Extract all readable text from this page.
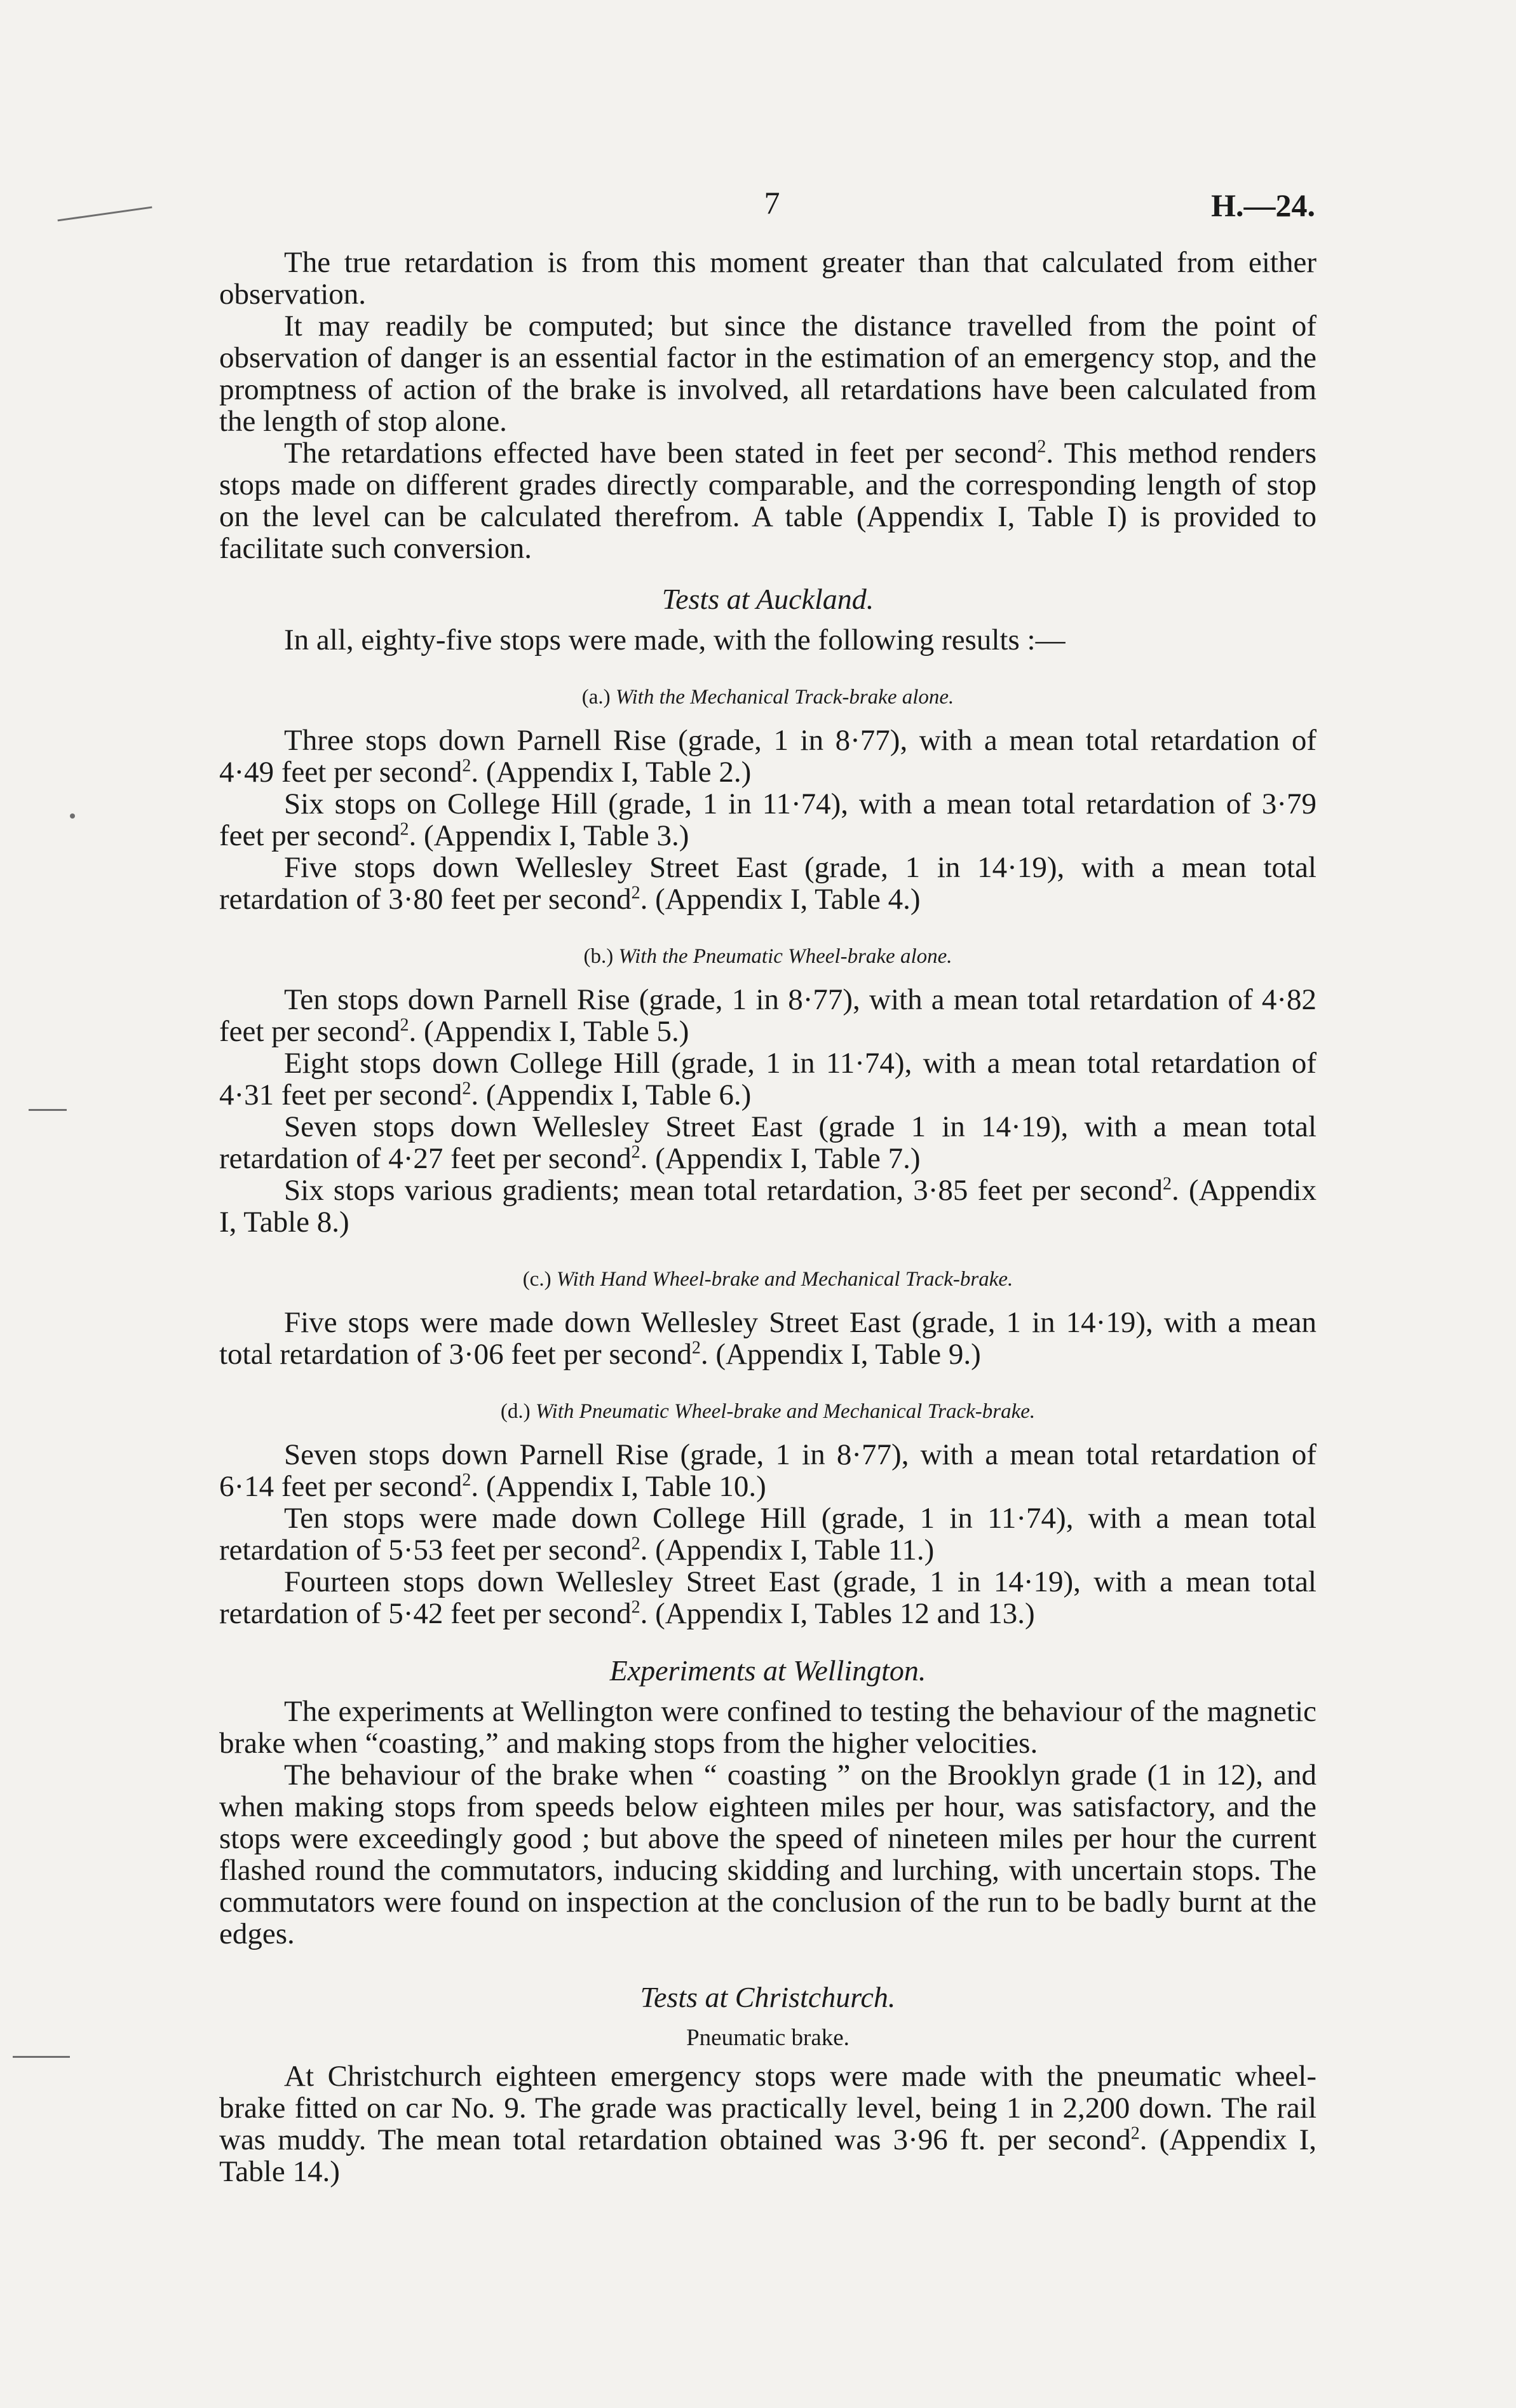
7	H.—24.

The true retardation is from this moment greater than that calculated from either observation.

It may readily be computed; but since the distance travelled from the point of observation of danger is an essential factor in the estimation of an emergency stop, and the promptness of action of the brake is involved, all retardations have been calculated from the length of stop alone.

The retardations effected have been stated in feet per second$^2$. This method renders stops made on different grades directly comparable, and the corresponding length of stop on the level can be calculated therefrom. A table (Appendix I, Table I) is provided to facilitate such conversion.

Tests at Auckland.

In all, eighty-five stops were made, with the following results :—

(a.) With the Mechanical Track-brake alone.

Three stops down Parnell Rise (grade, 1 in 8·77), with a mean total retardation of 4·49 feet per second$^2$. (Appendix I, Table 2.)

Six stops on College Hill (grade, 1 in 11·74), with a mean total retardation of 3·79 feet per second$^2$. (Appendix I, Table 3.)

Five stops down Wellesley Street East (grade, 1 in 14·19), with a mean total retardation of 3·80 feet per second$^2$. (Appendix I, Table 4.)

(b.) With the Pneumatic Wheel-brake alone.

Ten stops down Parnell Rise (grade, 1 in 8·77), with a mean total retardation of 4·82 feet per second$^2$. (Appendix I, Table 5.)

Eight stops down College Hill (grade, 1 in 11·74), with a mean total retardation of 4·31 feet per second$^2$. (Appendix I, Table 6.)

Seven stops down Wellesley Street East (grade 1 in 14·19), with a mean total retardation of 4·27 feet per second$^2$. (Appendix I, Table 7.)

Six stops various gradients; mean total retardation, 3·85 feet per second$^2$. (Appendix I, Table 8.)

(c.) With Hand Wheel-brake and Mechanical Track-brake.

Five stops were made down Wellesley Street East (grade, 1 in 14·19), with a mean total retardation of 3·06 feet per second$^2$. (Appendix I, Table 9.)

(d.) With Pneumatic Wheel-brake and Mechanical Track-brake.

Seven stops down Parnell Rise (grade, 1 in 8·77), with a mean total retardation of 6·14 feet per second$^2$. (Appendix I, Table 10.)

Ten stops were made down College Hill (grade, 1 in 11·74), with a mean total retardation of 5·53 feet per second$^2$. (Appendix I, Table 11.)

Fourteen stops down Wellesley Street East (grade, 1 in 14·19), with a mean total retardation of 5·42 feet per second$^2$. (Appendix I, Tables 12 and 13.)

Experiments at Wellington.

The experiments at Wellington were confined to testing the behaviour of the magnetic brake when “coasting,” and making stops from the higher velocities.

The behaviour of the brake when “ coasting ” on the Brooklyn grade (1 in 12), and when making stops from speeds below eighteen miles per hour, was satisfactory, and the stops were exceedingly good ; but above the speed of nineteen miles per hour the current flashed round the commutators, inducing skidding and lurching, with uncertain stops. The commutators were found on inspection at the conclusion of the run to be badly burnt at the edges.

Tests at Christchurch.

Pneumatic brake.

At Christchurch eighteen emergency stops were made with the pneumatic wheel-brake fitted on car No. 9. The grade was practically level, being 1 in 2,200 down. The rail was muddy. The mean total retardation obtained was 3·96 ft. per second$^2$. (Appendix I, Table 14.)
